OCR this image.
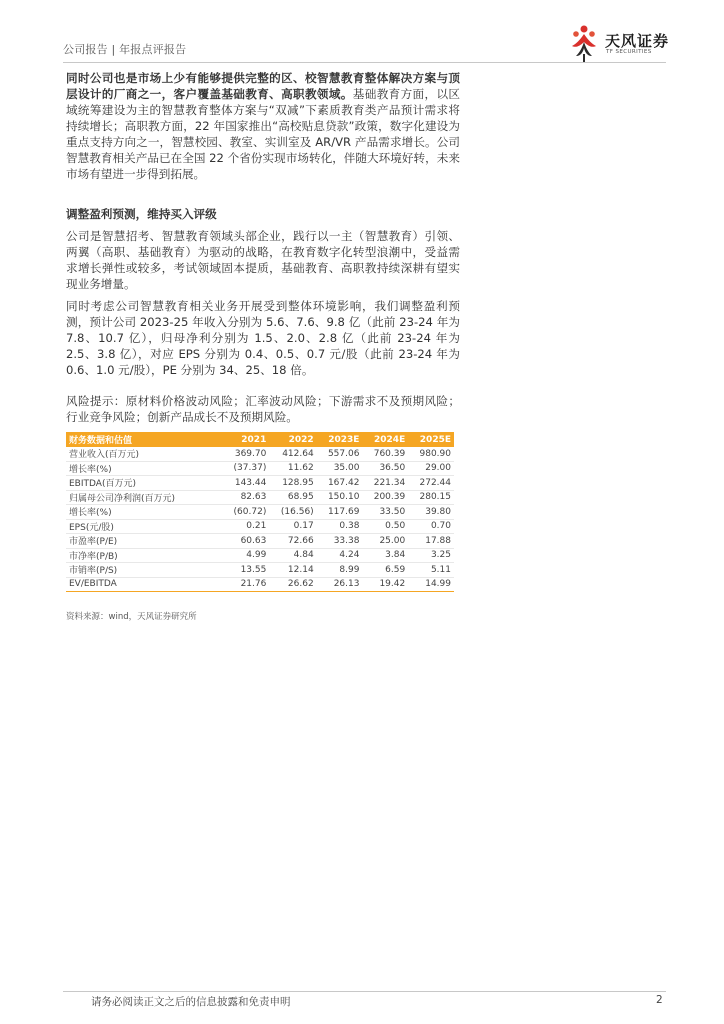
公司报告 | 年报点评报告	天风证券
TF SECURITIES

同时公司也是市场上少有能够提供完整的区、校智慧教育整体解决方案与顶层设计的厂商之一，客户覆盖基础教育、高职教领域。基础教育方面，以区域统筹建设为主的智慧教育整体方案与“双减”下素质教育类产品预计需求将持续增长；高职教方面，22 年国家推出“高校贴息贷款”政策，数字化建设为重点支持方向之一，智慧校园、教室、实训室及 AR/VR 产品需求增长。公司智慧教育相关产品已在全国 22 个省份实现市场转化，伴随大环境好转，未来市场有望进一步得到拓展。

调整盈利预测，维持买入评级

公司是智慧招考、智慧教育领域头部企业，践行以一主（智慧教育）引领、两翼（高职、基础教育）为驱动的战略，在教育数字化转型浪潮中，受益需求增长弹性或较多，考试领域固本提质，基础教育、高职教持续深耕有望实现业务增量。

同时考虑公司智慧教育相关业务开展受到整体环境影响，我们调整盈利预测，预计公司 2023-25 年收入分别为 5.6、7.6、9.8 亿（此前 23-24 年为 7.8、10.7 亿），归母净利分别为 1.5、2.0、2.8 亿（此前 23-24 年为 2.5、3.8 亿），对应 EPS 分别为 0.4、0.5、0.7 元/股（此前 23-24 年为 0.6、1.0 元/股），PE 分别为 34、25、18 倍。

风险提示：原材料价格波动风险；汇率波动风险；下游需求不及预期风险；行业竞争风险；创新产品成长不及预期风险。

财务数据和估值	2021	2022	2023E	2024E	2025E
营业收入(百万元)	369.70	412.64	557.06	760.39	980.90
增长率(%)	(37.37)	11.62	35.00	36.50	29.00
EBITDA(百万元)	143.44	128.95	167.42	221.34	272.44
归属母公司净利润(百万元)	82.63	68.95	150.10	200.39	280.15
增长率(%)	(60.72)	(16.56)	117.69	33.50	39.80
EPS(元/股)	0.21	0.17	0.38	0.50	0.70
市盈率(P/E)	60.63	72.66	33.38	25.00	17.88
市净率(P/B)	4.99	4.84	4.24	3.84	3.25
市销率(P/S)	13.55	12.14	8.99	6.59	5.11
EV/EBITDA	21.76	26.62	26.13	19.42	14.99
资料来源：wind，天风证券研究所
请务必阅读正文之后的信息披露和免责申明	2
